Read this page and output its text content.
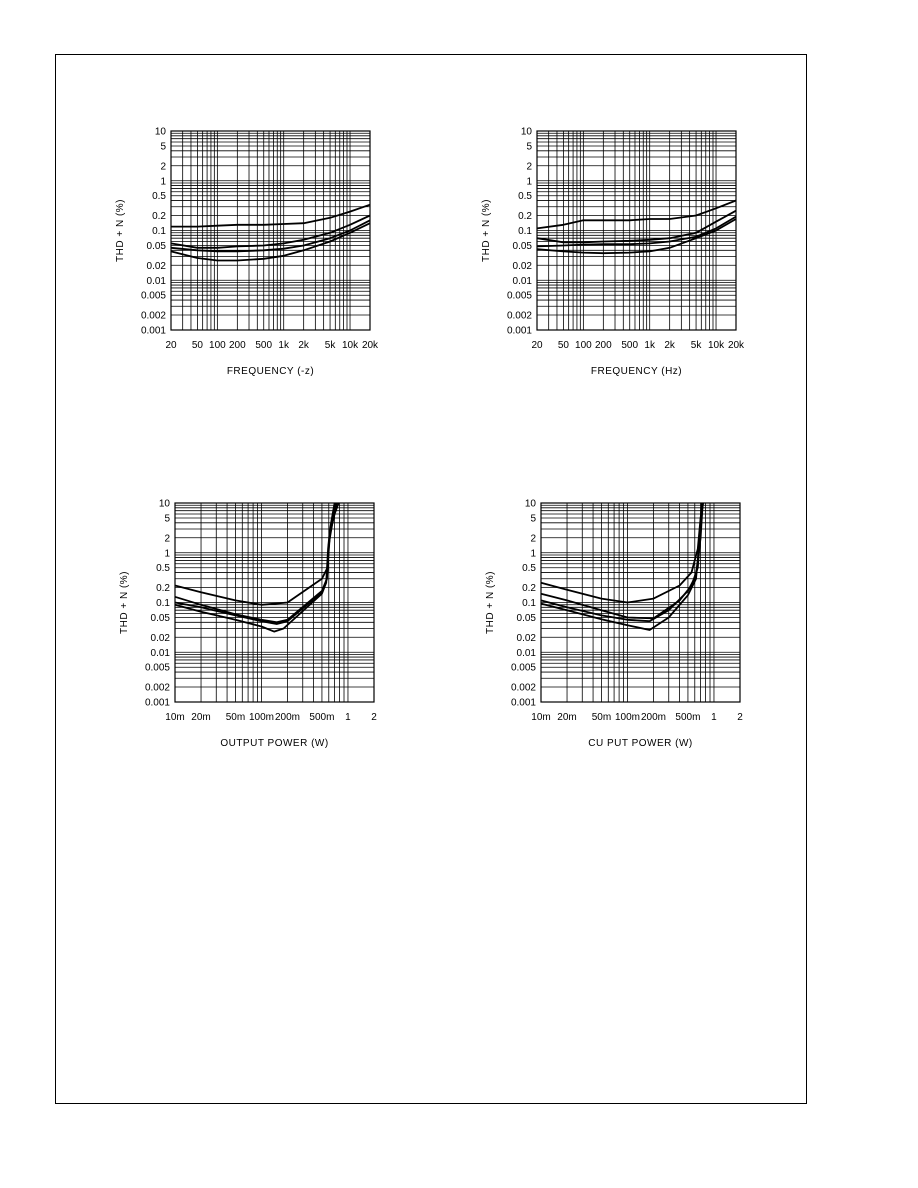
10
5
2
1
0.5
0.2
0.1
0.05
0.02
0.01
0.005
0.002
0.001
20 50 100 200 500 1k 2k 5k 10k 20k
FREQUENCY (-z)
THD + N (%)
10
5
2
1
0.5
0.2
0.1
0.05
0.02
0.01
0.005
0.002
0.001
20 50 100 200 500 1k 2k 5k 10k 20k
FREQUENCY (Hz)
THD + N (%)
10
5
2
1
0.5
0.2
0.1
0.05
0.02
0.01
0.005
0.002
0.001
10m 20m 50m 100m 200m 500m 1 2
OUTPUT POWER (W)
THD + N (%)
10
5
2
1
0.5
0.2
0.1
0.05
0.02
0.01
0.005
0.002
0.001
10m 20m 50m 100m 200m 500m 1 2
CU PUT POWER (W)
THD + N (%)
